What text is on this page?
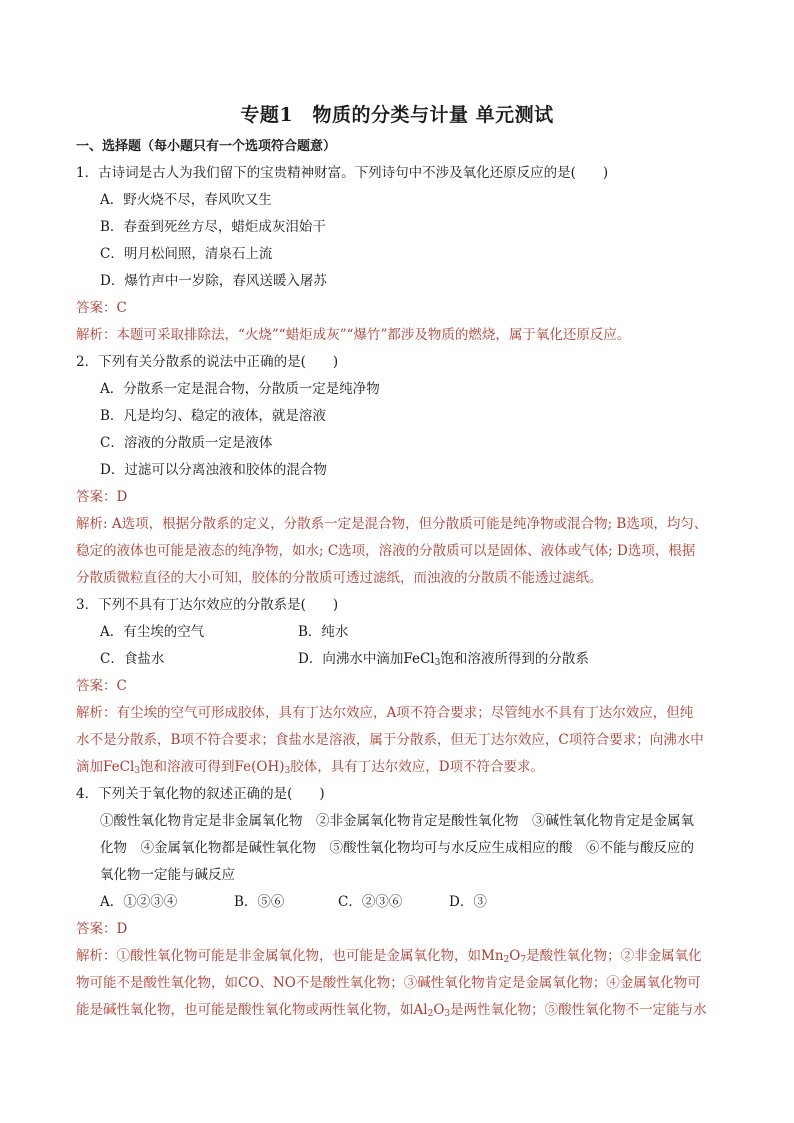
专题1　物质的分类与计量 单元测试
一、选择题（每小题只有一个选项符合题意）
1．古诗词是古人为我们留下的宝贵精神财富。下列诗句中不涉及氧化还原反应的是(　　)
A．野火烧不尽，春风吹又生
B．春蚕到死丝方尽，蜡炬成灰泪始干
C．明月松间照，清泉石上流
D．爆竹声中一岁除，春风送暖入屠苏
答案：C
解析：本题可采取排除法，“火烧”“蜡炬成灰”“爆竹”都涉及物质的燃烧，属于氧化还原反应。
2．下列有关分散系的说法中正确的是(　　)
A．分散系一定是混合物，分散质一定是纯净物
B．凡是均匀、稳定的液体，就是溶液
C．溶液的分散质一定是液体
D．过滤可以分离浊液和胶体的混合物
答案：D
解析: A选项，根据分散系的定义，分散系一定是混合物，但分散质可能是纯净物或混合物; B选项，均匀、
稳定的液体也可能是液态的纯净物，如水; C选项，溶液的分散质可以是固体、液体或气体; D选项，根据
分散质微粒直径的大小可知，胶体的分散质可透过滤纸，而浊液的分散质不能透过滤纸。
3．下列不具有丁达尔效应的分散系是(　　)
A．有尘埃的空气	B．纯水
C．食盐水	D．向沸水中滴加FeCl$_3$饱和溶液所得到的分散系
答案：C
解析：有尘埃的空气可形成胶体，具有丁达尔效应，A项不符合要求；尽管纯水不具有丁达尔效应，但纯
水不是分散系，B项不符合要求；食盐水是溶液，属于分散系，但无丁达尔效应，C项符合要求；向沸水中
滴加FeCl$_3$饱和溶液可得到$Fe(OH)_3$胶体，具有丁达尔效应，D项不符合要求。
4．下列关于氧化物的叙述正确的是(　　)
①酸性氧化物肯定是非金属氧化物　②非金属氧化物肯定是酸性氧化物　③碱性氧化物肯定是金属氧
化物　④金属氧化物都是碱性氧化物　⑤酸性氧化物均可与水反应生成相应的酸　⑥不能与酸反应的
氧化物一定能与碱反应
A．①②③④	B．⑤⑥	C．②③⑥	D．③
答案：D
解析：①酸性氧化物可能是非金属氧化物，也可能是金属氧化物，如$Mn_2O_7$是酸性氧化物；②非金属氧化
物可能不是酸性氧化物，如CO、NO不是酸性氧化物；③碱性氧化物肯定是金属氧化物；④金属氧化物可
能是碱性氧化物，也可能是酸性氧化物或两性氧化物，如$Al_2O_3$是两性氧化物；⑤酸性氧化物不一定能与水
